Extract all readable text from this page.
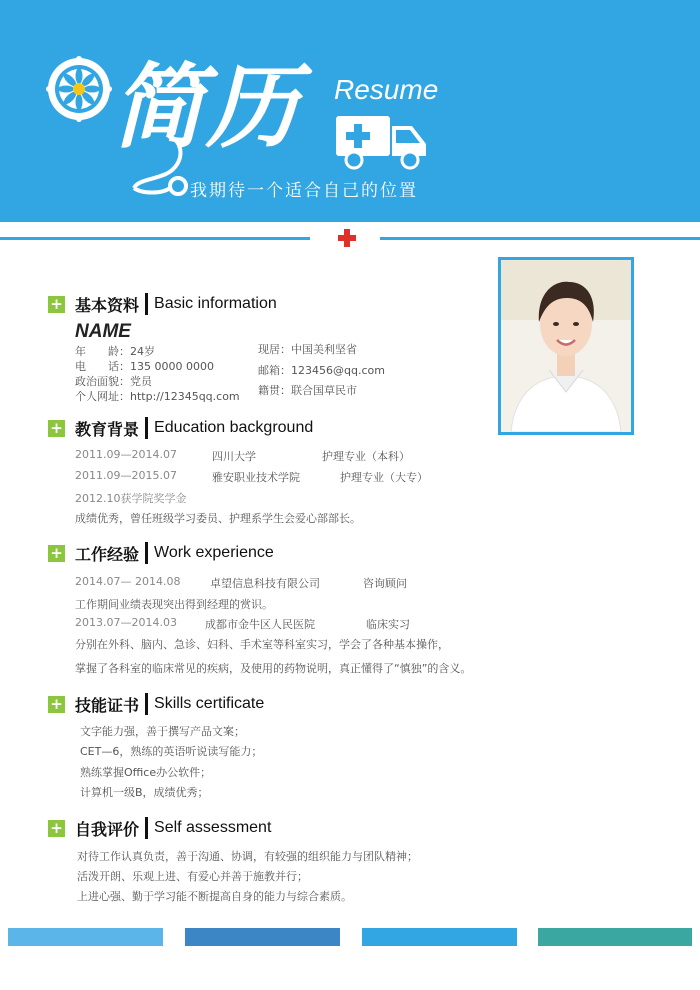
简历 Resume
我期待一个适合自己的位置
+ 基本资料 Basic information
NAME
年　　龄：24岁
电　　话：135 0000 0000
政治面貌：党员
个人网址：http://12345qq.com
现居：中国美利坚省
邮箱：123456@qq.com
籍贯：联合国草民市
+ 教育背景 Education background
2011.09—2014.07	四川大学	护理专业（本科）
2011.09—2015.07	雅安职业技术学院	护理专业（大专）
2012.10获学院奖学金
成绩优秀，曾任班级学习委员、护理系学生会爱心部部长。
+ 工作经验 Work experience
2014.07— 2014.08	卓望信息科技有限公司	咨询顾问
工作期间业绩表现突出得到经理的赏识。
2013.07—2014.03	成都市金牛区人民医院	临床实习
分别在外科、脑内、急诊、妇科、手术室等科室实习，学会了各种基本操作，
掌握了各科室的临床常见的疾病，及使用的药物说明，真正懂得了“慎独”的含义。
+ 技能证书 Skills certificate
文字能力强，善于撰写产品文案；
CET—6，熟练的英语听说读写能力；
熟练掌握Office办公软件；
计算机一级B，成绩优秀；
+ 自我评价 Self assessment
对待工作认真负责，善于沟通、协调，有较强的组织能力与团队精神；
活泼开朗、乐观上进、有爱心并善于施教并行；
上进心强、勤于学习能不断提高自身的能力与综合素质。
